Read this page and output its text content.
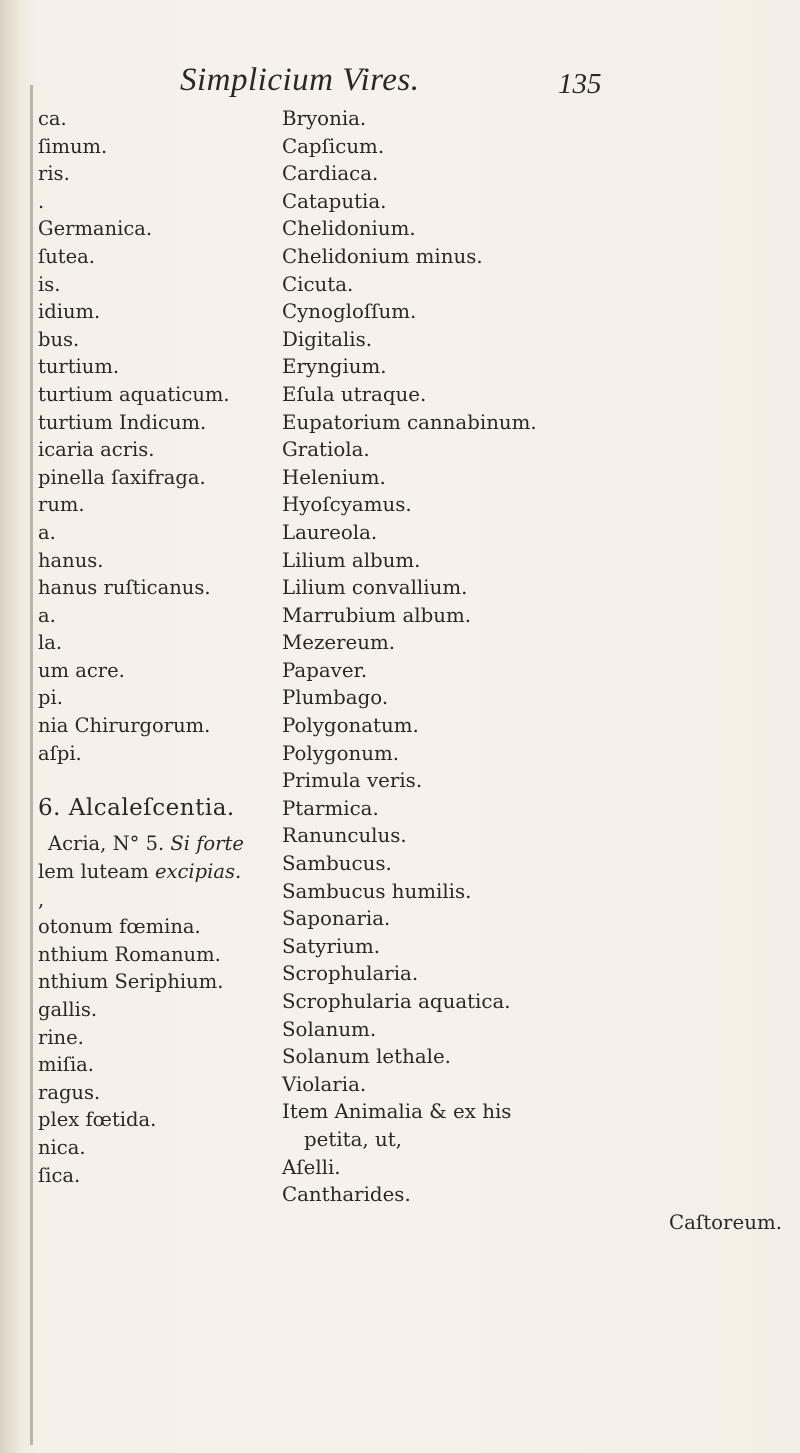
Simplicium Vires.	135
ca.
ſimum.
ris.
.
Germanica.
ſutea.
is.
idium.
bus.
turtium.
turtium aquaticum.
turtium Indicum.
icaria acris.
pinella ſaxifraga.
rum.
a.
hanus.
hanus ruſticanus.
a.
la.
um acre.
pi.
nia Chirurgorum.
aſpi.
6. Alcaleſcentia.
Acria, N° 5. Si forte
lem luteam excipias.
,
otonum fœmina.
nthium Romanum.
nthium Seriphium.
gallis.
rine.
miſia.
ragus.
plex fœtida.
nica.
ſica.
Bryonia.
Capſicum.
Cardiaca.
Cataputia.
Chelidonium.
Chelidonium minus.
Cicuta.
Cynogloſſum.
Digitalis.
Eryngium.
Eſula utraque.
Eupatorium cannabinum.
Gratiola.
Helenium.
Hyoſcyamus.
Laureola.
Lilium album.
Lilium convallium.
Marrubium album.
Mezereum.
Papaver.
Plumbago.
Polygonatum.
Polygonum.
Primula veris.
Ptarmica.
Ranunculus.
Sambucus.
Sambucus humilis.
Saponaria.
Satyrium.
Scrophularia.
Scrophularia aquatica.
Solanum.
Solanum lethale.
Violaria.
Item Animalia & ex his
petita, ut,
Aſelli.
Cantharides.
Caſtoreum.
